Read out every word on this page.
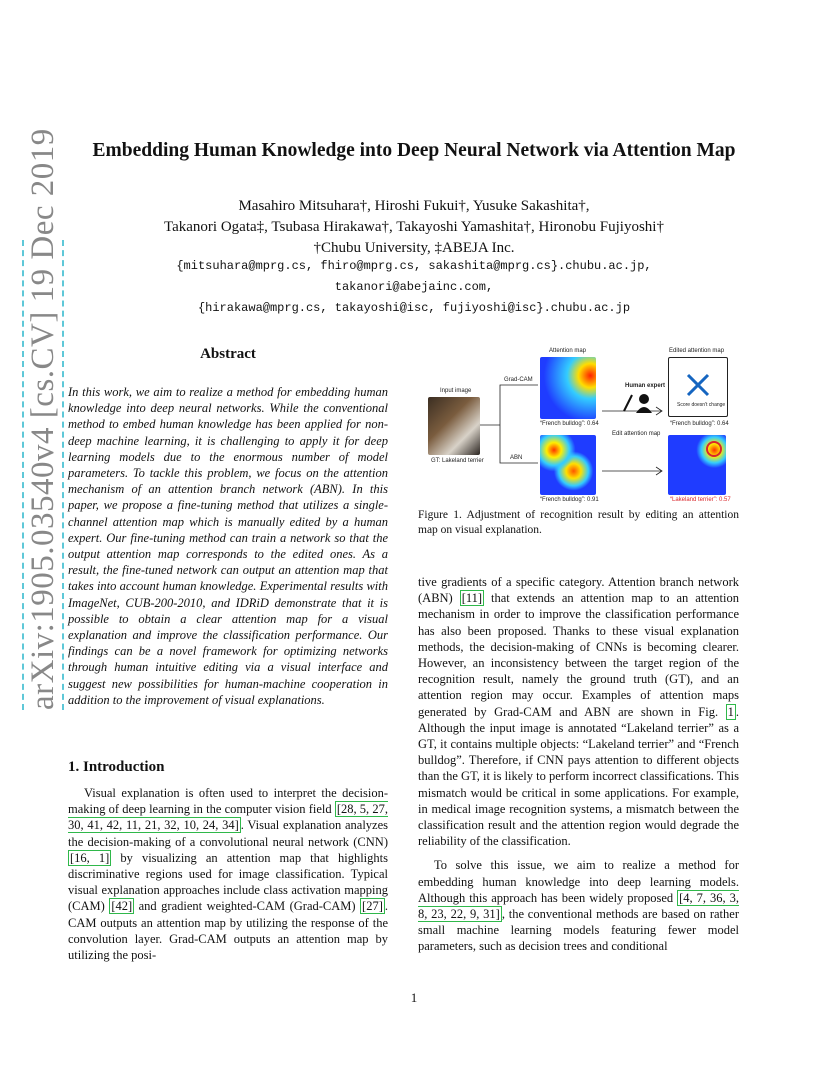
arXiv:1905.03540v4 [cs.CV] 19 Dec 2019	Embedding Human Knowledge into Deep Neural Network via Attention Map
Masahiro Mitsuhara†, Hiroshi Fukui†, Yusuke Sakashita†,
Takanori Ogata‡, Tsubasa Hirakawa†, Takayoshi Yamashita†, Hironobu Fujiyoshi†
†Chubu University, ‡ABEJA Inc.
{mitsuhara@mprg.cs, fhiro@mprg.cs, sakashita@mprg.cs}.chubu.ac.jp,
takanori@abejainc.com,
{hirakawa@mprg.cs, takayoshi@isc, fujiyoshi@isc}.chubu.ac.jp
Abstract
In this work, we aim to realize a method for embedding human knowledge into deep neural networks. While the conventional method to embed human knowledge has been applied for non-deep machine learning, it is challenging to apply it for deep learning models due to the enormous number of model parameters. To tackle this problem, we focus on the attention mechanism of an attention branch network (ABN). In this paper, we propose a fine-tuning method that utilizes a single-channel attention map which is manually edited by a human expert. Our fine-tuning method can train a network so that the output attention map corresponds to the edited ones. As a result, the fine-tuned network can output an attention map that takes into account human knowledge. Experimental results with ImageNet, CUB-200-2010, and IDRiD demonstrate that it is possible to obtain a clear attention map for a visual explanation and improve the classification performance. Our findings can be a novel framework for optimizing networks through human intuitive editing via a visual interface and suggest new possibilities for human-machine cooperation in addition to the improvement of visual explanations.
1. Introduction

Visual explanation is often used to interpret the decision-making of deep learning in the computer vision field [28, 5, 27, 30, 41, 42, 11, 21, 32, 10, 24, 34] . Visual explanation analyzes the decision-making of a convolutional neural network (CNN) [16, 1] by visualizing an attention map that highlights discriminative regions used for image classification. Typical visual explanation approaches include class activation mapping (CAM) [42] and gradient weighted-CAM (Grad-CAM) [27] . CAM outputs an attention map by utilizing the response of the convolution layer. Grad-CAM outputs an attention map by utilizing the posi-

Attention map	Edited attention map
Input image
Grad-CAM
ABN
Human expert
Edit attention map
GT: Lakeland terrier
“French bulldog”: 0.64
“French bulldog”: 0.91
Score doesn't change
“French bulldog”: 0.64
“Lakeland terrier”: 0.57
Figure 1. Adjustment of recognition result by editing an attention map on visual explanation.

tive gradients of a specific category. Attention branch network (ABN) [11] that extends an attention map to an attention mechanism in order to improve the classification performance has also been proposed. Thanks to these visual explanation methods, the decision-making of CNNs is becoming clearer. However, an inconsistency between the target region of the recognition result, namely the ground truth (GT), and an attention region may occur. Examples of attention maps generated by Grad-CAM and ABN are shown in Fig. 1 . Although the input image is annotated “Lakeland terrier” as a GT, it contains multiple objects: “Lakeland terrier” and “French bulldog”. Therefore, if CNN pays attention to different objects than the GT, it is likely to perform incorrect classifications. This mismatch would be critical in some applications. For example, in medical image recognition systems, a mismatch between the classification result and the attention region would degrade the reliability of the classification.

To solve this issue, we aim to realize a method for embedding human knowledge into deep learning models. Although this approach has been widely proposed [4, 7, 36, 3, 8, 23, 22, 9, 31] , the conventional methods are based on rather small machine learning models featuring fewer model parameters, such as decision trees and conditional

1
